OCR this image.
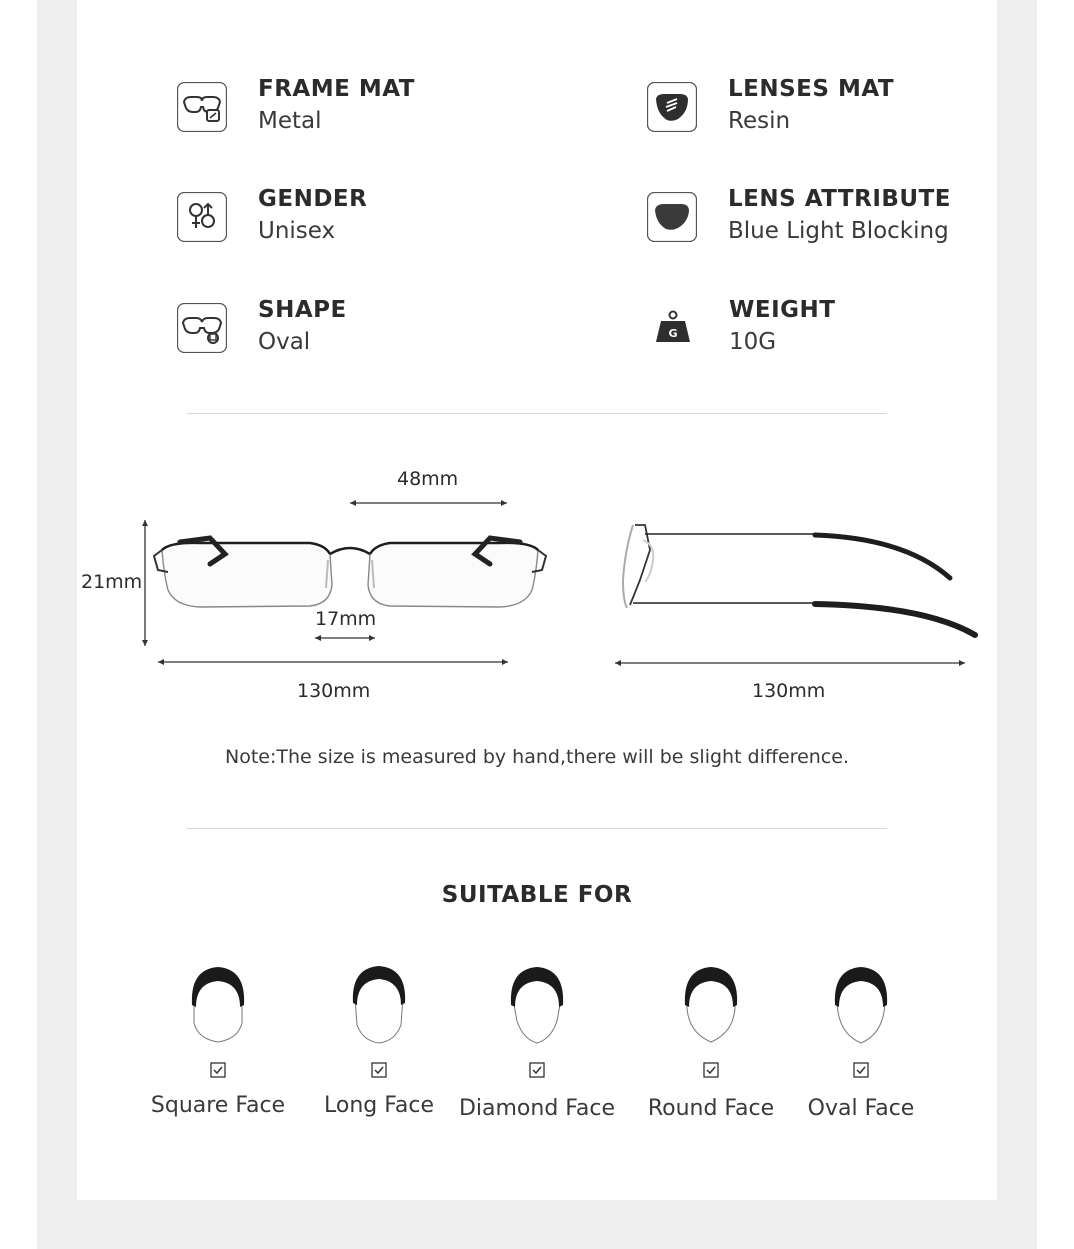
FRAME MAT
Metal
LENSES MAT
Resin
GENDER
Unisex
LENS ATTRIBUTE
Blue Light Blocking
SHAPE
Oval	G
WEIGHT
10G
48mm
21mm
17mm
130mm	130mm
Note:The size is measured by hand,there will be slight difference.
SUITABLE FOR
Square Face	Long Face	Diamond Face	Round Face	Oval Face
